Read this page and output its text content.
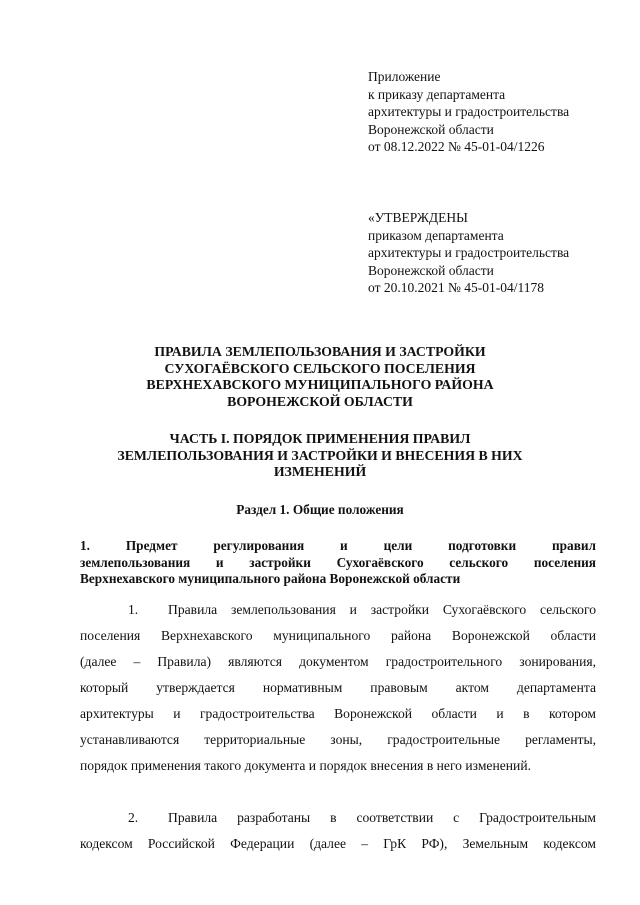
Приложение
к приказу департамента
архитектуры и градостроительства
Воронежской области
от 08.12.2022 № 45-01-04/1226
«УТВЕРЖДЕНЫ
приказом департамента
архитектуры и градостроительства
Воронежской области
от 20.10.2021 № 45-01-04/1178
ПРАВИЛА ЗЕМЛЕПОЛЬЗОВАНИЯ И ЗАСТРОЙКИ
СУХОГАЁВСКОГО СЕЛЬСКОГО ПОСЕЛЕНИЯ
ВЕРХНЕХАВСКОГО МУНИЦИПАЛЬНОГО РАЙОНА
ВОРОНЕЖСКОЙ ОБЛАСТИ
ЧАСТЬ I. ПОРЯДОК ПРИМЕНЕНИЯ ПРАВИЛ
ЗЕМЛЕПОЛЬЗОВАНИЯ И ЗАСТРОЙКИ И ВНЕСЕНИЯ В НИХ
ИЗМЕНЕНИЙ
Раздел 1. Общие положения
1. Предмет регулирования и цели подготовки правил
землепользования и застройки Сухогаёвского сельского поселения
Верхнехавского муниципального района Воронежской области
1. Правила землепользования и застройки Сухогаёвского сельского
поселения Верхнехавского муниципального района Воронежской области
(далее – Правила) являются документом градостроительного зонирования,
который утверждается нормативным правовым актом департамента
архитектуры и градостроительства Воронежской области и в котором
устанавливаются территориальные зоны, градостроительные регламенты,
порядок применения такого документа и порядок внесения в него изменений.
2. Правила разработаны в соответствии с Градостроительным
кодексом Российской Федерации (далее – ГрК РФ), Земельным кодексом
